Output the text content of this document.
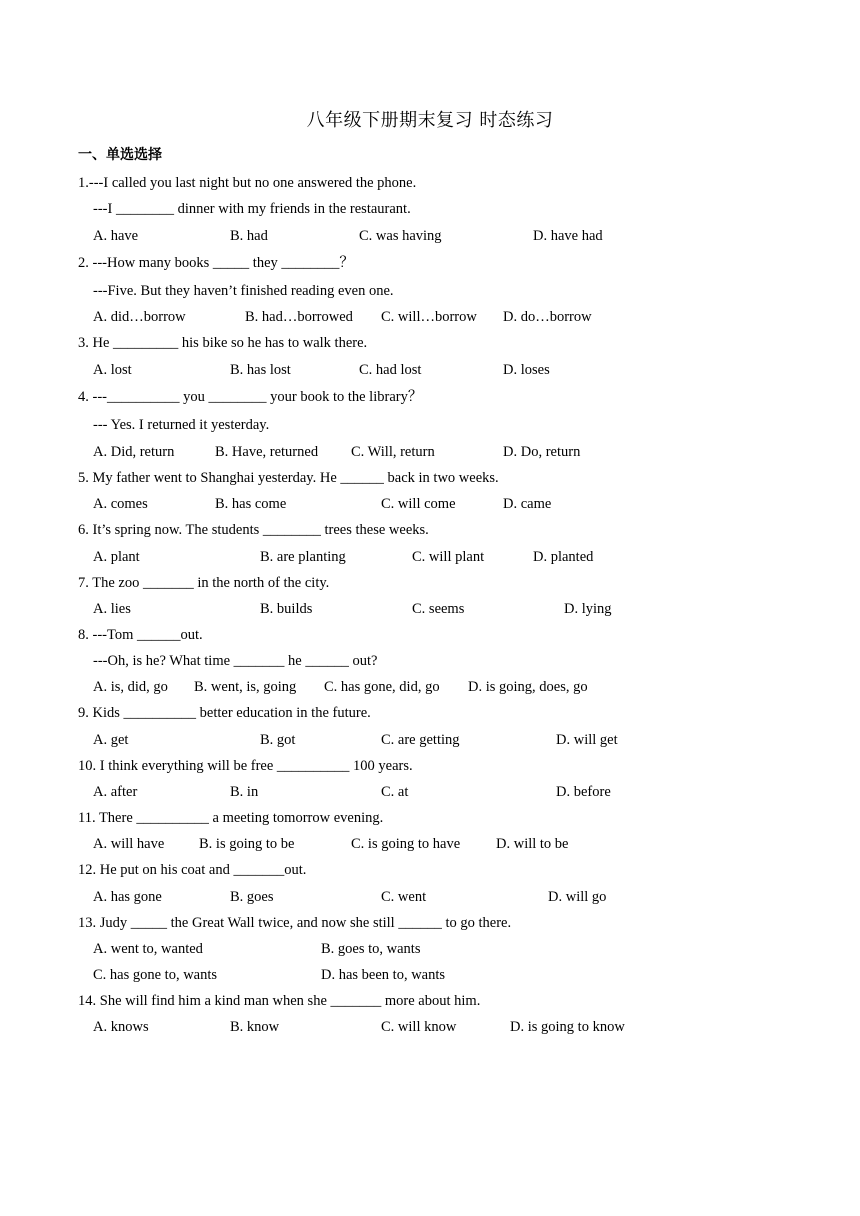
八年级下册期末复习 时态练习
一、单选选择
1.---I called you last night but no one answered the phone.
---I ________ dinner with my friends in the restaurant.
A. have	B. had	C. was having	D. have had
2. ---How many books _____ they ________？
---Five. But they haven’t finished reading even one.
A. did…borrow	B. had…borrowed C. will…borrow D. do…borrow
3. He _________ his bike so he has to walk there.
A. lost	B. has lost	C. had lost	D. loses
4. ---__________ you ________ your book to the library？
--- Yes. I returned it yesterday.
A. Did, return	B. Have, returned C. Will, return	D. Do, return
5. My father went to Shanghai yesterday. He ______ back in two weeks.
A. comes	B. has come	C. will come	D. came
6. It’s spring now. The students ________ trees these weeks.
A. plant	B. are planting	C. will plant	D. planted
7. The zoo _______ in the north of the city.
A. lies	B. builds	C. seems	D. lying
8. ---Tom ______out.
---Oh, is he? What time _______ he ______ out?
A. is, did, go B. went, is, going C. has gone, did, go D. is going, does, go
9. Kids __________ better education in the future.
A. get	B. got	C. are getting	D. will get
10. I think everything will be free __________ 100 years.
A. after	B. in	C. at	D. before
11. There __________ a meeting tomorrow evening.
A. will have B. is going to be	C. is going to have D. will to be
12. He put on his coat and _______out.
A. has gone	B. goes	C. went	D. will go
13. Judy _____ the Great Wall twice, and now she still ______ to go there.
A. went to, wanted	B. goes to, wants
C. has gone to, wants	D. has been to, wants
14. She will find him a kind man when she _______ more about him.
A. knows	B. know	C. will know	D. is going to know
